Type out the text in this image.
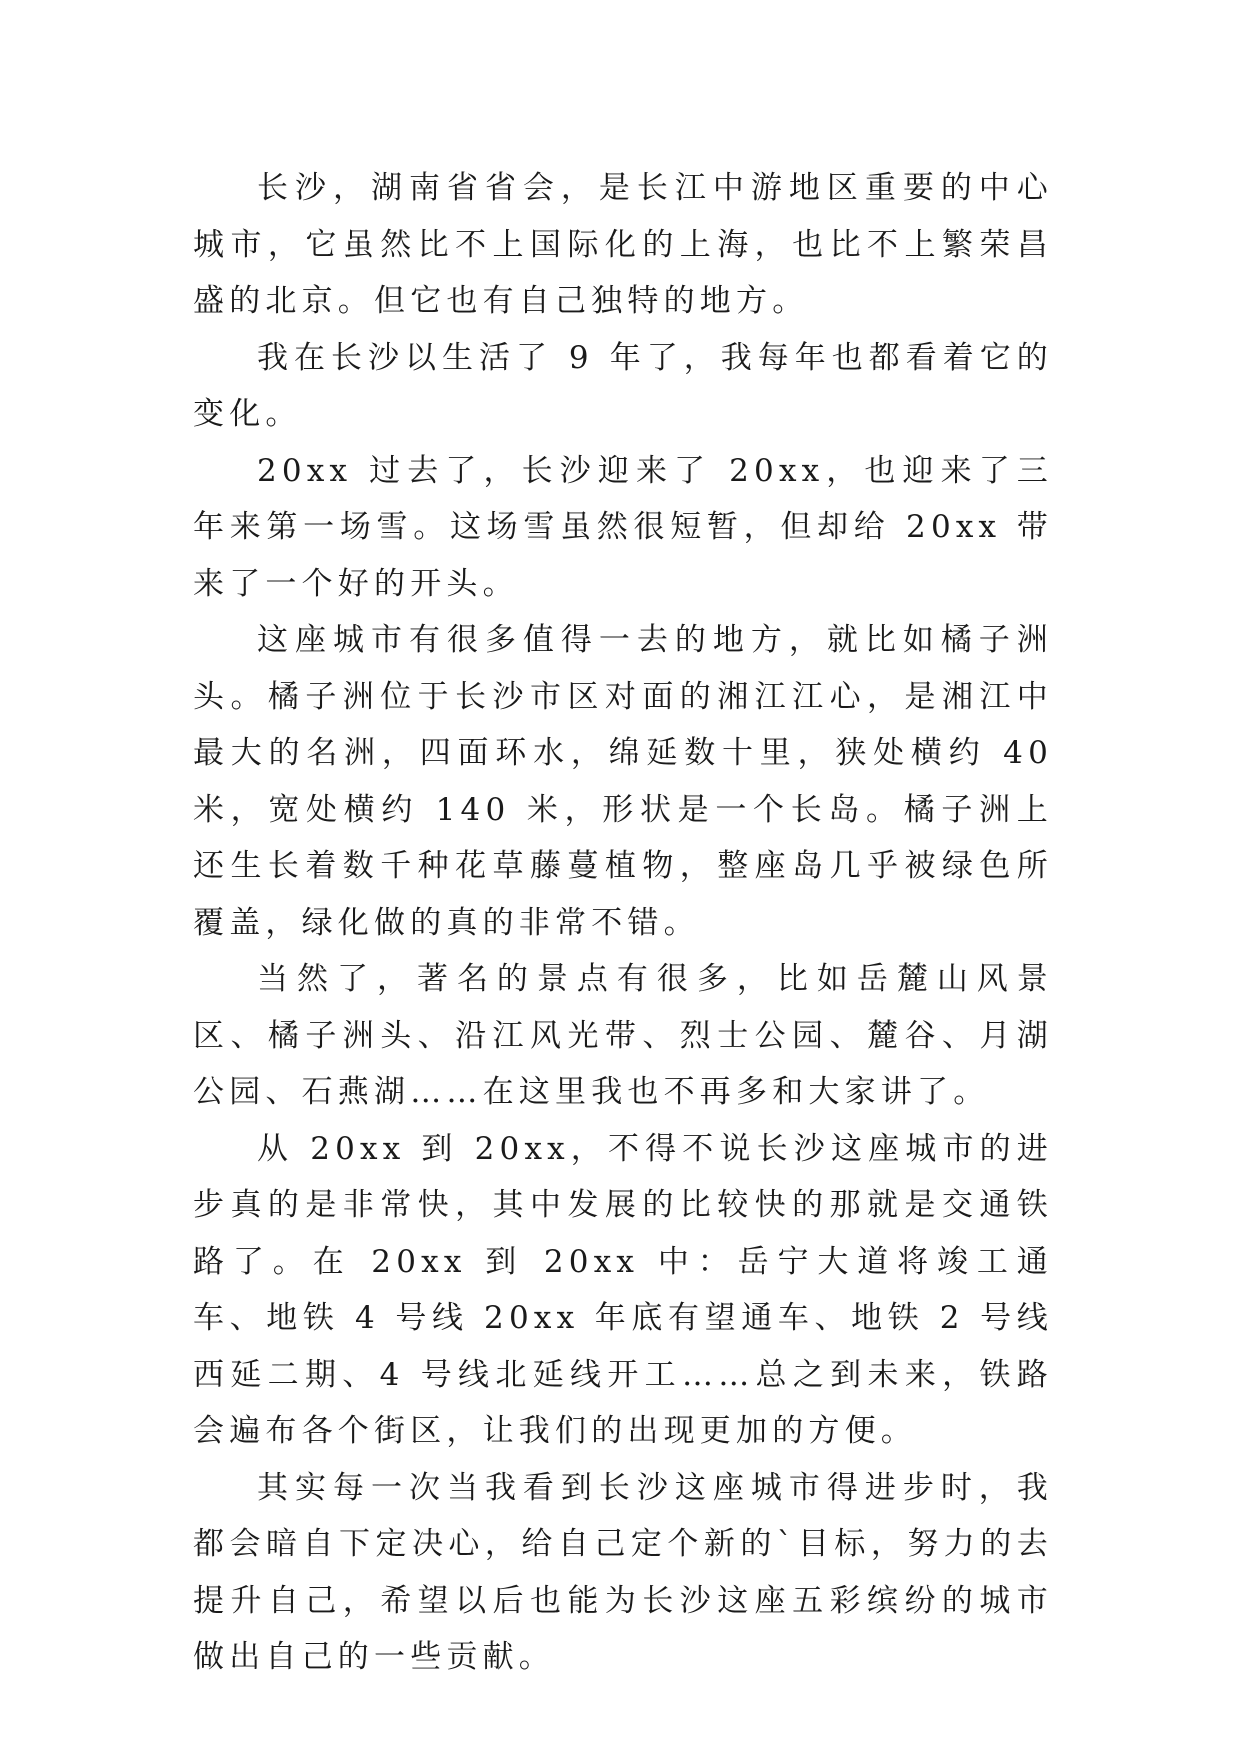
长沙，湖南省省会，是长江中游地区重要的中心城市，它虽然比不上国际化的上海，也比不上繁荣昌盛的北京。但它也有自己独特的地方。

我在长沙以生活了 9 年了，我每年也都看着它的变化。

20xx 过去了，长沙迎来了 20xx，也迎来了三年来第一场雪。这场雪虽然很短暂，但却给 20xx 带来了一个好的开头。

这座城市有很多值得一去的地方，就比如橘子洲头。橘子洲位于长沙市区对面的湘江江心，是湘江中最大的名洲，四面环水，绵延数十里，狭处横约 40 米，宽处横约 140 米，形状是一个长岛。橘子洲上还生长着数千种花草藤蔓植物，整座岛几乎被绿色所覆盖，绿化做的真的非常不错。

当然了，著名的景点有很多，比如岳麓山风景区、橘子洲头、沿江风光带、烈士公园、麓谷、月湖公园、石燕湖……在这里我也不再多和大家讲了。

从 20xx 到 20xx，不得不说长沙这座城市的进步真的是非常快，其中发展的比较快的那就是交通铁路了。在 20xx 到 20xx 中：岳宁大道将竣工通车、地铁 4 号线 20xx 年底有望通车、地铁 2 号线西延二期、4 号线北延线开工……总之到未来，铁路会遍布各个街区，让我们的出现更加的方便。

其实每一次当我看到长沙这座城市得进步时，我都会暗自下定决心，给自己定个新的`目标，努力的去提升自己，希望以后也能为长沙这座五彩缤纷的城市做出自己的一些贡献。
